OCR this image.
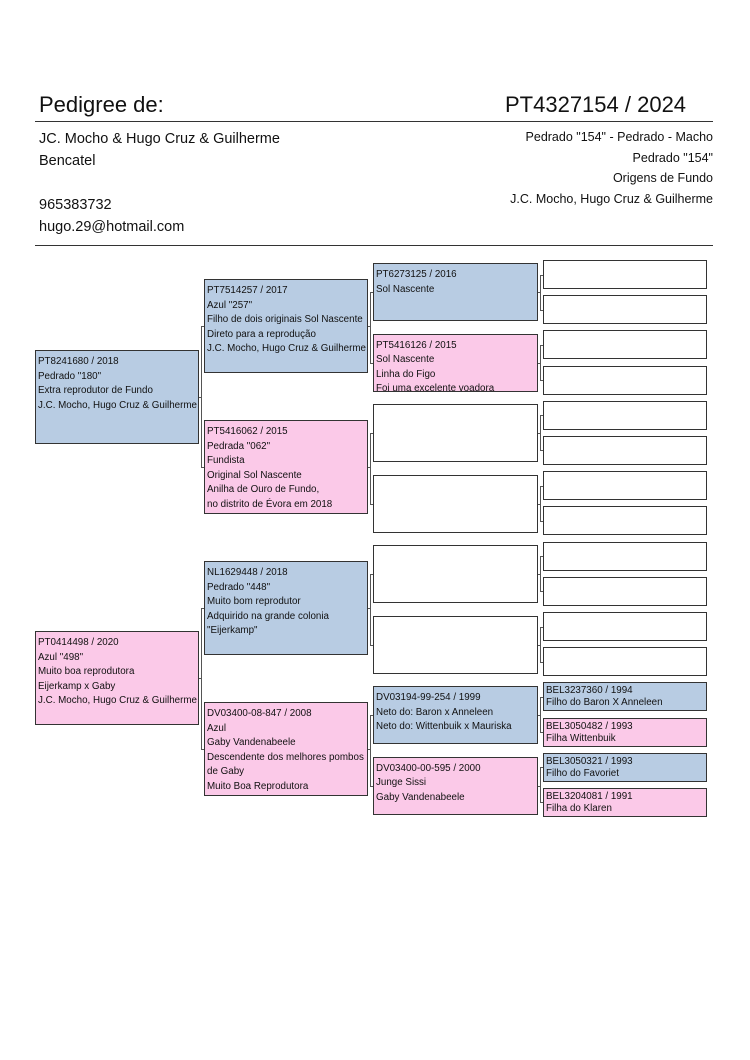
Pedigree de:	PT4327154 / 2024
JC. Mocho & Hugo Cruz & Guilherme
Bencatel
965383732
hugo.29@hotmail.com
Pedrado "154" - Pedrado - Macho
Pedrado "154"
Origens de Fundo
J.C. Mocho, Hugo Cruz & Guilherme
PT8241680 / 2018
Pedrado "180"
Extra reprodutor de Fundo
J.C. Mocho, Hugo Cruz & Guilherme
PT0414498 / 2020
Azul "498"
Muito boa reprodutora
Eijerkamp x Gaby
J.C. Mocho, Hugo Cruz & Guilherme
PT7514257 / 2017
Azul "257"
Filho de dois originais Sol Nascente
Direto para a reprodução
J.C. Mocho, Hugo Cruz & Guilherme
PT5416062 / 2015
Pedrada "062"
Fundista
Original Sol Nascente
Anilha de Ouro de Fundo,
no distrito de Évora em 2018
NL1629448 / 2018
Pedrado "448"
Muito bom reprodutor
Adquirido na grande colonia
"Eijerkamp"
DV03400-08-847 / 2008
Azul
Gaby Vandenabeele
Descendente dos melhores pombos
de Gaby
Muito Boa Reprodutora
PT6273125 / 2016
Sol Nascente
PT5416126 / 2015
Sol Nascente
Linha do Figo
Foi uma excelente voadora
DV03194-99-254 / 1999
Neto do: Baron x Anneleen
Neto do: Wittenbuik x Mauriska
DV03400-00-595 / 2000
Junge Sissi
Gaby Vandenabeele
BEL3237360 / 1994
Filho do Baron X Anneleen
BEL3050482 / 1993
Filha Wittenbuik
BEL3050321 / 1993
Filho do Favoriet
BEL3204081 / 1991
Filha do Klaren
